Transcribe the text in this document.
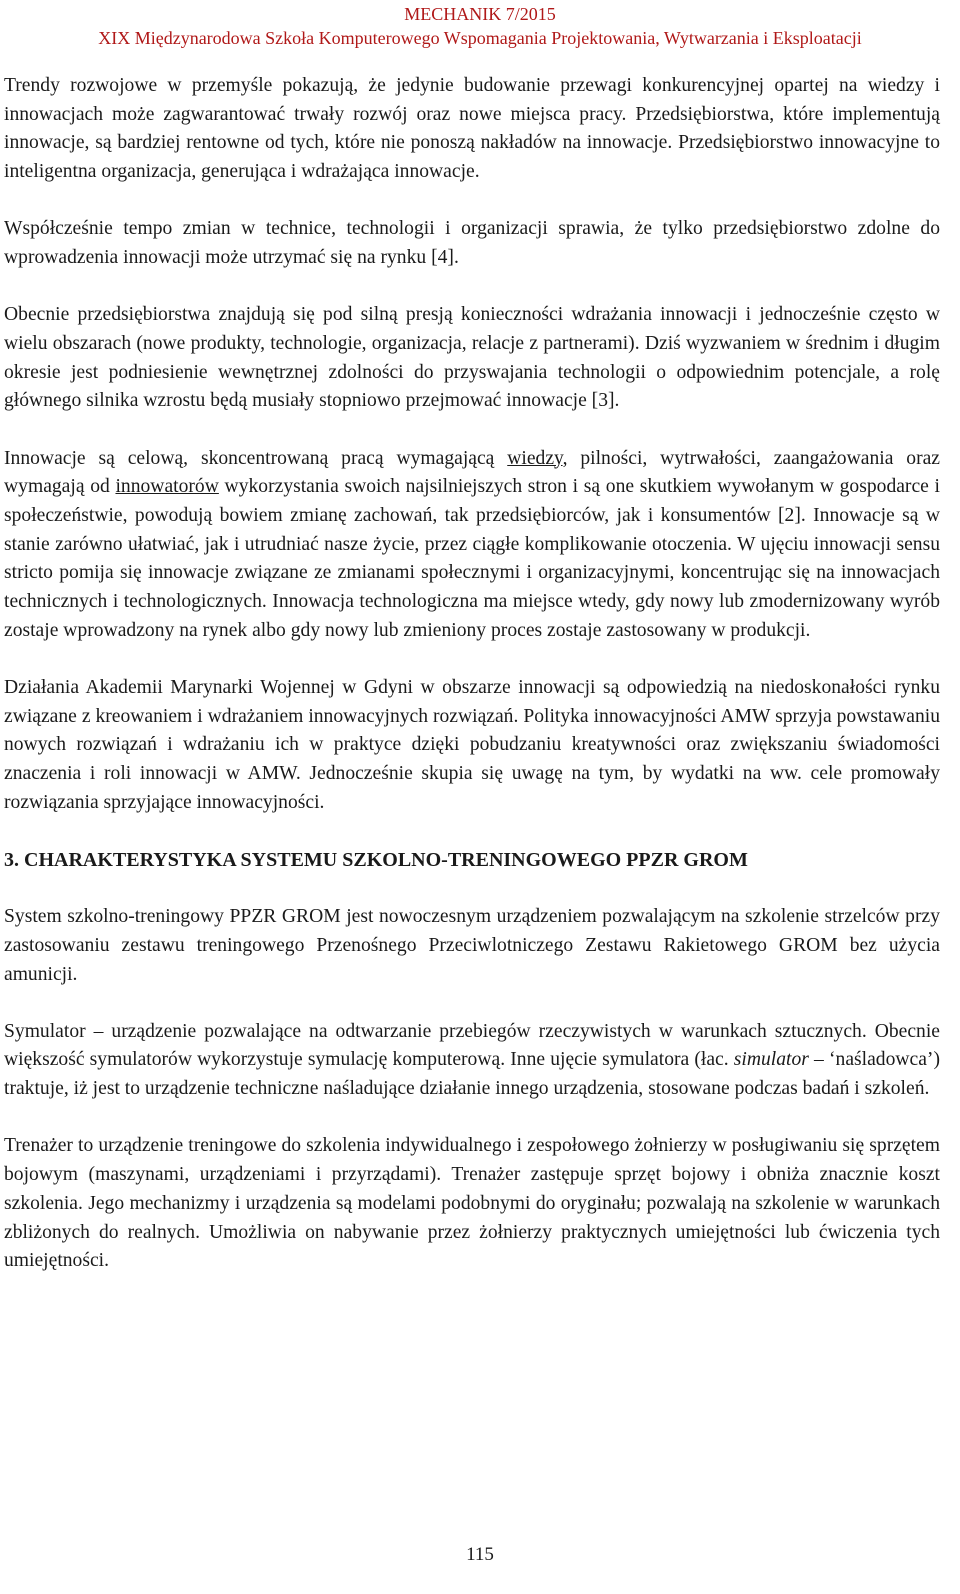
MECHANIK 7/2015
XIX Międzynarodowa Szkoła Komputerowego Wspomagania Projektowania, Wytwarzania i Eksploatacji

Trendy rozwojowe w przemyśle pokazują, że jedynie budowanie przewagi konkurencyjnej opartej na wiedzy i innowacjach może zagwarantować trwały rozwój oraz nowe miejsca pracy. Przedsiębiorstwa, które implementują innowacje, są bardziej rentowne od tych, które nie ponoszą nakładów na innowacje. Przedsiębiorstwo innowacyjne to inteligentna organizacja, generująca i wdrażająca innowacje.

Współcześnie tempo zmian w technice, technologii i organizacji sprawia, że tylko przedsiębiorstwo zdolne do wprowadzenia innowacji może utrzymać się na rynku [4].

Obecnie przedsiębiorstwa znajdują się pod silną presją konieczności wdrażania innowacji i jednocześnie często w wielu obszarach (nowe produkty, technologie, organizacja, relacje z partnerami). Dziś wyzwaniem w średnim i długim okresie jest podniesienie wewnętrznej zdolności do przyswajania technologii o odpowiednim potencjale, a rolę głównego silnika wzrostu będą musiały stopniowo przejmować innowacje [3].

Innowacje są celową, skoncentrowaną pracą wymagającą wiedzy, pilności, wytrwałości, zaangażowania oraz wymagają od innowatorów wykorzystania swoich najsilniejszych stron i są one skutkiem wywołanym w gospodarce i społeczeństwie, powodują bowiem zmianę zachowań, tak przedsiębiorców, jak i konsumentów [2]. Innowacje są w stanie zarówno ułatwiać, jak i utrudniać nasze życie, przez ciągłe komplikowanie otoczenia. W ujęciu innowacji sensu stricto pomija się innowacje związane ze zmianami społecznymi i organizacyjnymi, koncentrując się na innowacjach technicznych i technologicznych. Innowacja technologiczna ma miejsce wtedy, gdy nowy lub zmodernizowany wyrób zostaje wprowadzony na rynek albo gdy nowy lub zmieniony proces zostaje zastosowany w produkcji.

Działania Akademii Marynarki Wojennej w Gdyni w obszarze innowacji są odpowiedzią na niedoskonałości rynku związane z kreowaniem i wdrażaniem innowacyjnych rozwiązań. Polityka innowacyjności AMW sprzyja powstawaniu nowych rozwiązań i wdrażaniu ich w praktyce dzięki pobudzaniu kreatywności oraz zwiększaniu świadomości znaczenia i roli innowacji w AMW. Jednocześnie skupia się uwagę na tym, by wydatki na ww. cele promowały rozwiązania sprzyjające innowacyjności.

3. CHARAKTERYSTYKA SYSTEMU SZKOLNO-TRENINGOWEGO PPZR GROM

System szkolno-treningowy PPZR GROM jest nowoczesnym urządzeniem pozwalającym na szkolenie strzelców przy zastosowaniu zestawu treningowego Przenośnego Przeciwlotniczego Zestawu Rakietowego GROM bez użycia amunicji.

Symulator – urządzenie pozwalające na odtwarzanie przebiegów rzeczywistych w warunkach sztucznych. Obecnie większość symulatorów wykorzystuje symulację komputerową. Inne ujęcie symulatora (łac. simulator – ‘naśladowca’) traktuje, iż jest to urządzenie techniczne naśladujące działanie innego urządzenia, stosowane podczas badań i szkoleń.

Trenażer to urządzenie treningowe do szkolenia indywidualnego i zespołowego żołnierzy w posługiwaniu się sprzętem bojowym (maszynami, urządzeniami i przyrządami). Trenażer zastępuje sprzęt bojowy i obniża znacznie koszt szkolenia. Jego mechanizmy i urządzenia są modelami podobnymi do oryginału; pozwalają na szkolenie w warunkach zbliżonych do realnych. Umożliwia on nabywanie przez żołnierzy praktycznych umiejętności lub ćwiczenia tych umiejętności.

115
